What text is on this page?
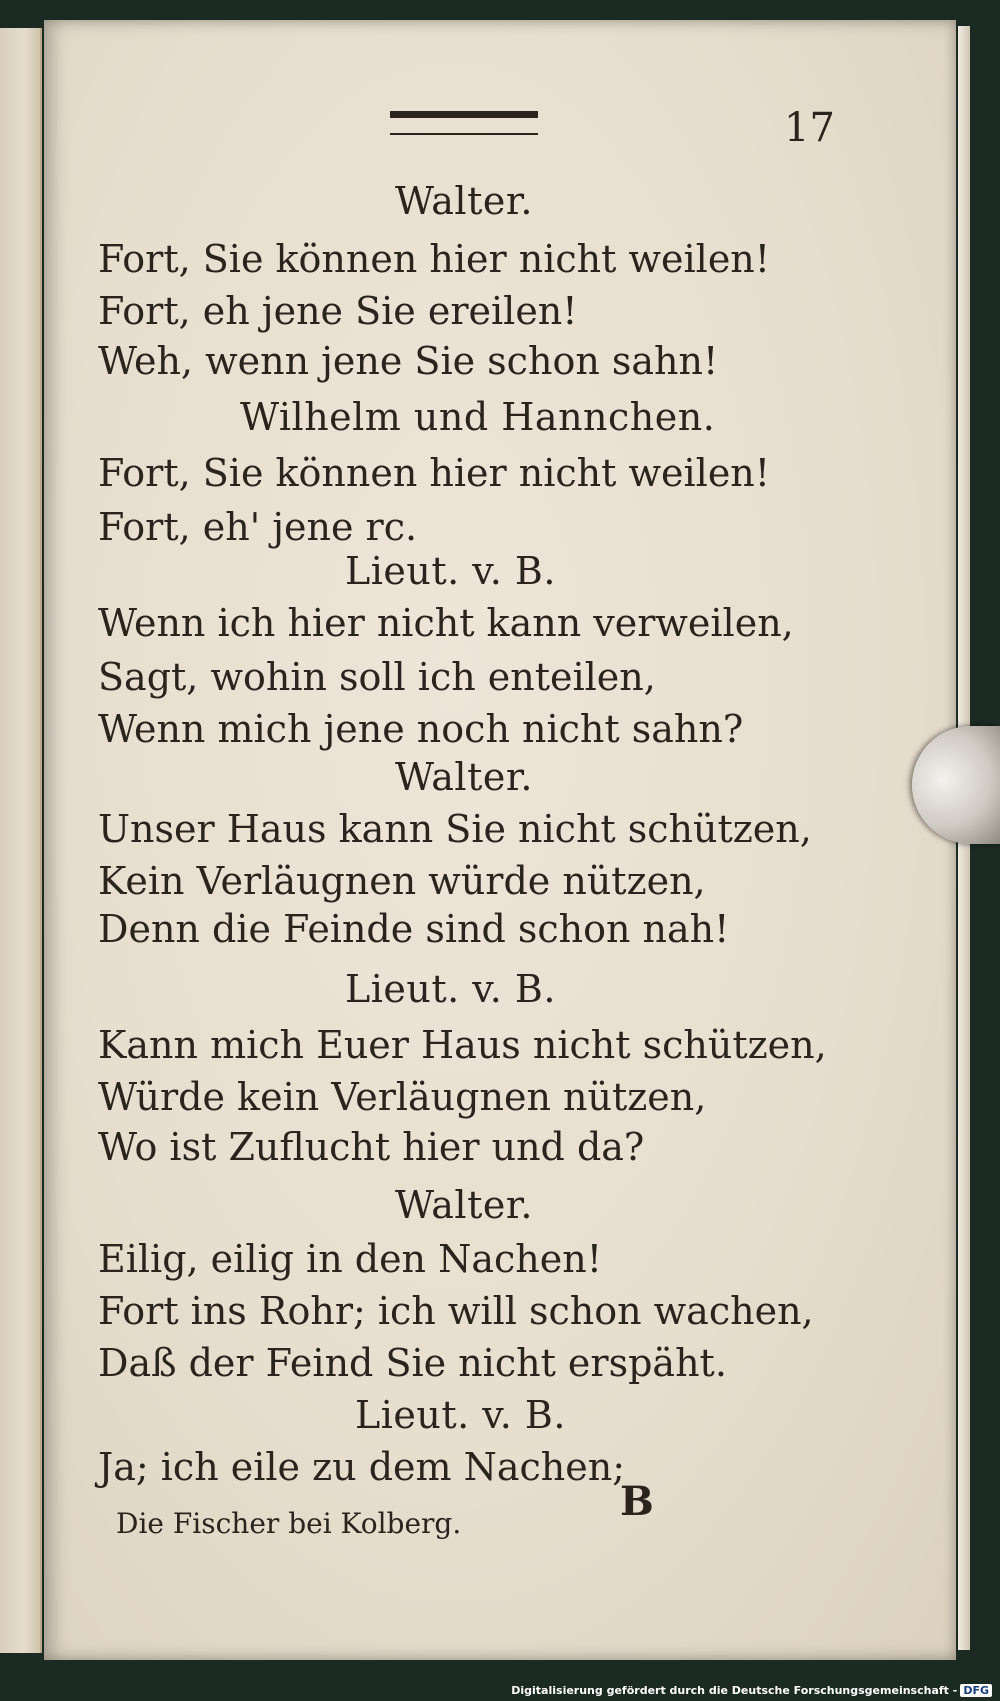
17

Walter.

Fort, Sie können hier nicht weilen!

Fort, eh jene Sie ereilen!

Weh, wenn jene Sie schon sahn!

Wilhelm und Hannchen.

Fort, Sie können hier nicht weilen!

Fort, eh' jene rc.

Lieut. v. B.

Wenn ich hier nicht kann verweilen,

Sagt, wohin soll ich enteilen,

Wenn mich jene noch nicht sahn?

Walter.

Unser Haus kann Sie nicht schützen,

Kein Verläugnen würde nützen,

Denn die Feinde sind schon nah!

Lieut. v. B.

Kann mich Euer Haus nicht schützen,

Würde kein Verläugnen nützen,

Wo ist Zuflucht hier und da?

Walter.

Eilig, eilig in den Nachen!

Fort ins Rohr; ich will schon wachen,

Daß der Feind Sie nicht erspäht.

Lieut. v. B.

Ja; ich eile zu dem Nachen;

Die Fischer bei Kolberg.	B

Digitalisierung gefördert durch die Deutsche Forschungsgemeinschaft - DFG
